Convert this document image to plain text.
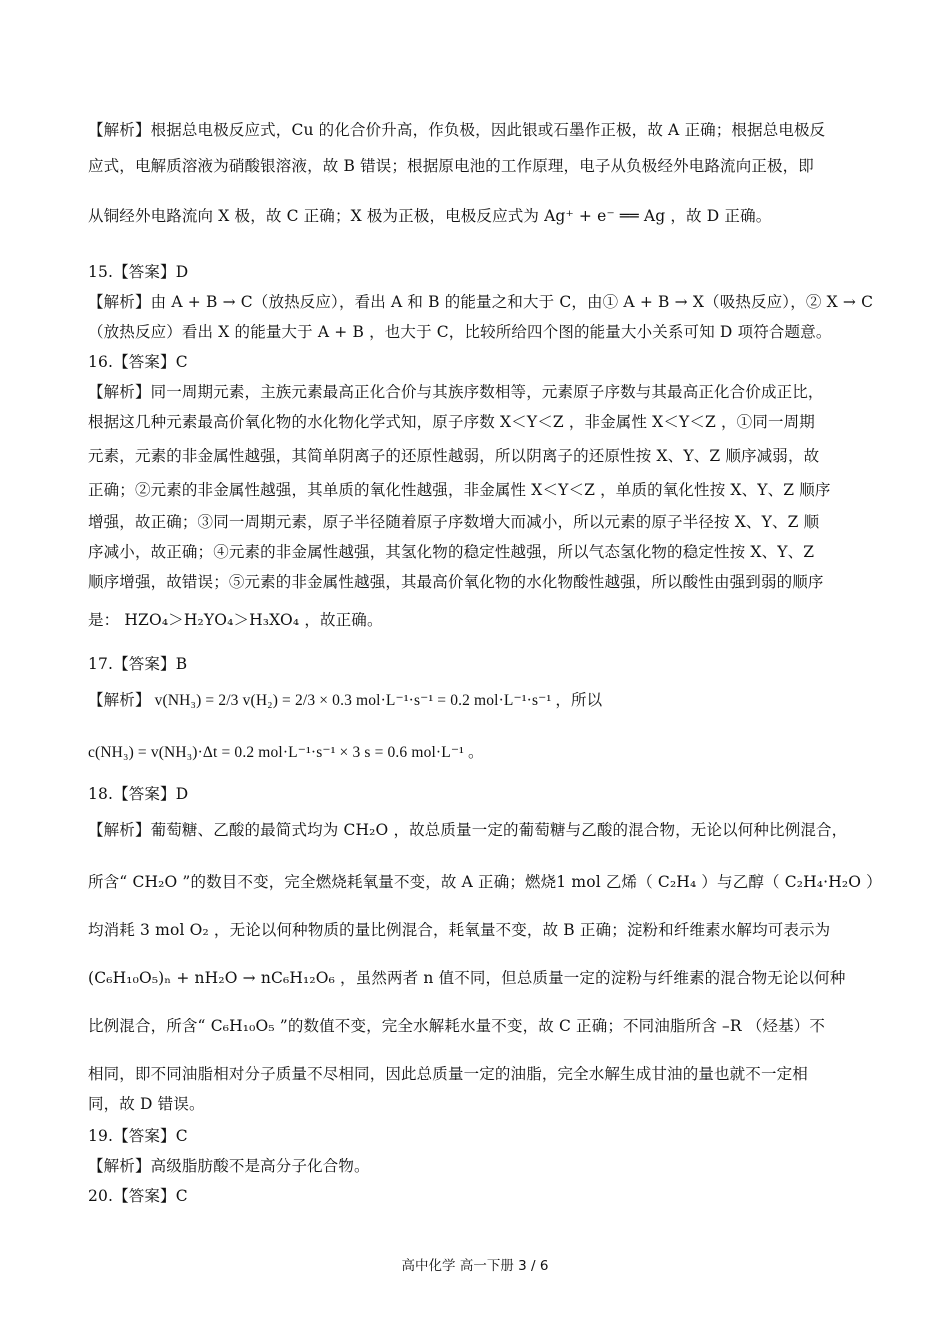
【解析】根据总电极反应式，Cu 的化合价升高，作负极，因此银或石墨作正极，故 A 正确；根据总电极反
应式，电解质溶液为硝酸银溶液，故 B 错误；根据原电池的工作原理，电子从负极经外电路流向正极，即
从铜经外电路流向 X 极，故 C 正确；X 极为正极，电极反应式为 Ag⁺ + e⁻ ══ Ag ，故 D 正确。
15.【答案】D
【解析】由 A + B → C（放热反应），看出 A 和 B 的能量之和大于 C，由① A + B → X（吸热反应），② X → C
（放热反应）看出 X 的能量大于 A + B ，也大于 C，比较所给四个图的能量大小关系可知 D 项符合题意。
16.【答案】C
【解析】同一周期元素，主族元素最高正化合价与其族序数相等，元素原子序数与其最高正化合价成正比，
根据这几种元素最高价氧化物的水化物化学式知，原子序数 X＜Y＜Z ，非金属性 X＜Y＜Z ，①同一周期
元素，元素的非金属性越强，其简单阴离子的还原性越弱，所以阴离子的还原性按 X、Y、Z 顺序减弱，故
正确；②元素的非金属性越强，其单质的氧化性越强，非金属性 X＜Y＜Z ，单质的氧化性按 X、Y、Z 顺序
增强，故正确；③同一周期元素，原子半径随着原子序数增大而减小，所以元素的原子半径按 X、Y、Z 顺
序减小，故正确；④元素的非金属性越强，其氢化物的稳定性越强，所以气态氢化物的稳定性按 X、Y、Z
顺序增强，故错误；⑤元素的非金属性越强，其最高价氧化物的水化物酸性越强，所以酸性由强到弱的顺序
是： HZO₄＞H₂YO₄＞H₃XO₄ ，故正确。
17.【答案】B
【解析】 v(NH₃) = 2/3 v(H₂) = 2/3 × 0.3 mol·L⁻¹·s⁻¹ = 0.2 mol·L⁻¹·s⁻¹ ，所以
c(NH₃) = v(NH₃)·Δt = 0.2 mol·L⁻¹·s⁻¹ × 3 s = 0.6 mol·L⁻¹ 。
18.【答案】D
【解析】葡萄糖、乙酸的最简式均为 CH₂O ，故总质量一定的葡萄糖与乙酸的混合物，无论以何种比例混合，
所含“ CH₂O ”的数目不变，完全燃烧耗氧量不变，故 A 正确；燃烧1 mol 乙烯（ C₂H₄ ）与乙醇（ C₂H₄·H₂O ）
均消耗 3 mol O₂ ，无论以何种物质的量比例混合，耗氧量不变，故 B 正确；淀粉和纤维素水解均可表示为
(C₆H₁₀O₅)ₙ + nH₂O → nC₆H₁₂O₆ ，虽然两者 n 值不同，但总质量一定的淀粉与纤维素的混合物无论以何种
比例混合，所含“ C₆H₁₀O₅ ”的数值不变，完全水解耗水量不变，故 C 正确；不同油脂所含 –R （烃基）不
相同，即不同油脂相对分子质量不尽相同，因此总质量一定的油脂，完全水解生成甘油的量也就不一定相
同，故 D 错误。
19.【答案】C
【解析】高级脂肪酸不是高分子化合物。
20.【答案】C
高中化学 高一下册 3 / 6
